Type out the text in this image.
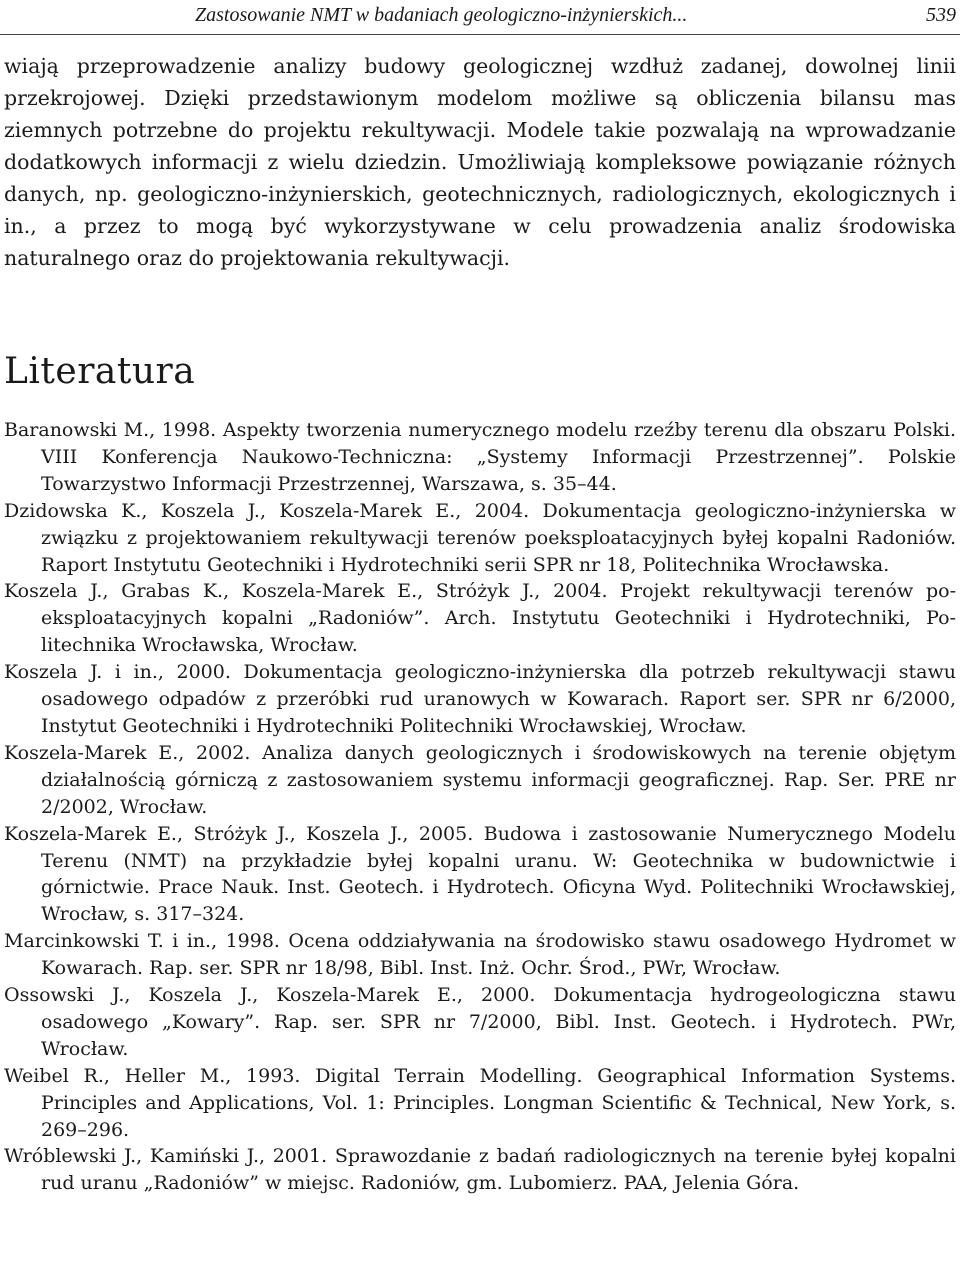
Zastosowanie NMT w badaniach geologiczno-inżynierskich...	539

wiają przeprowadzenie analizy budowy geologicznej wzdłuż zadanej, dowolnej linii przekrojowej. Dzięki przedstawionym modelom możliwe są obliczenia bilansu mas ziemnych potrzebne do projektu rekultywacji. Modele takie pozwalają na wprowadzanie dodatkowych informacji z wielu dziedzin. Umożliwiają kompleksowe powiązanie różnych danych, np. geologiczno-inżynierskich, geotechnicznych, radiologicznych, ekologicznych i in., a przez to mogą być wykorzystywane w celu prowadzenia analiz środowiska naturalnego oraz do projektowania rekultywacji.

Literatura
Baranowski M., 1998. Aspekty tworzenia numerycznego modelu rzeźby terenu dla obszaru Polski. VIII Konferencja Naukowo-Techniczna: „Systemy Informacji Przestrzennej”. Polskie Towarzystwo Informacji Przestrzennej, Warszawa, s. 35–44.
Dzidowska K., Koszela J., Koszela-Marek E., 2004. Dokumentacja geologiczno-inżynierska w związku z projektowaniem rekultywacji terenów poeksploatacyjnych byłej kopalni Radoniów. Raport Instytutu Geotechniki i Hydrotechniki serii SPR nr 18, Politechnika Wrocławska.
Koszela J., Grabas K., Koszela-Marek E., Stróżyk J., 2004. Projekt rekultywacji terenów poeksploatacyjnych kopalni „Radoniów”. Arch. Instytutu Geotechniki i Hydrotechniki, Politechnika Wrocławska, Wrocław.
Koszela J. i in., 2000. Dokumentacja geologiczno-inżynierska dla potrzeb rekultywacji stawu osadowego odpadów z przeróbki rud uranowych w Kowarach. Raport ser. SPR nr 6/2000, Instytut Geotechniki i Hydrotechniki Politechniki Wrocławskiej, Wrocław.
Koszela-Marek E., 2002. Analiza danych geologicznych i środowiskowych na terenie objętym działalnością górniczą z zastosowaniem systemu informacji geograficznej. Rap. Ser. PRE nr 2/2002, Wrocław.
Koszela-Marek E., Stróżyk J., Koszela J., 2005. Budowa i zastosowanie Numerycznego Modelu Terenu (NMT) na przykładzie byłej kopalni uranu. W: Geotechnika w budownictwie i górnictwie. Prace Nauk. Inst. Geotech. i Hydrotech. Oficyna Wyd. Politechniki Wrocławskiej, Wrocław, s. 317–324.
Marcinkowski T. i in., 1998. Ocena oddziaływania na środowisko stawu osadowego Hydromet w Kowarach. Rap. ser. SPR nr 18/98, Bibl. Inst. Inż. Ochr. Środ., PWr, Wrocław.
Ossowski J., Koszela J., Koszela-Marek E., 2000. Dokumentacja hydrogeologiczna stawu osadowego „Kowary”. Rap. ser. SPR nr 7/2000, Bibl. Inst. Geotech. i Hydrotech. PWr, Wrocław.
Weibel R., Heller M., 1993. Digital Terrain Modelling. Geographical Information Systems. Principles and Applications, Vol. 1: Principles. Longman Scientific & Technical, New York, s. 269–296.
Wróblewski J., Kamiński J., 2001. Sprawozdanie z badań radiologicznych na terenie byłej kopalni rud uranu „Radoniów” w miejsc. Radoniów, gm. Lubomierz. PAA, Jelenia Góra.
